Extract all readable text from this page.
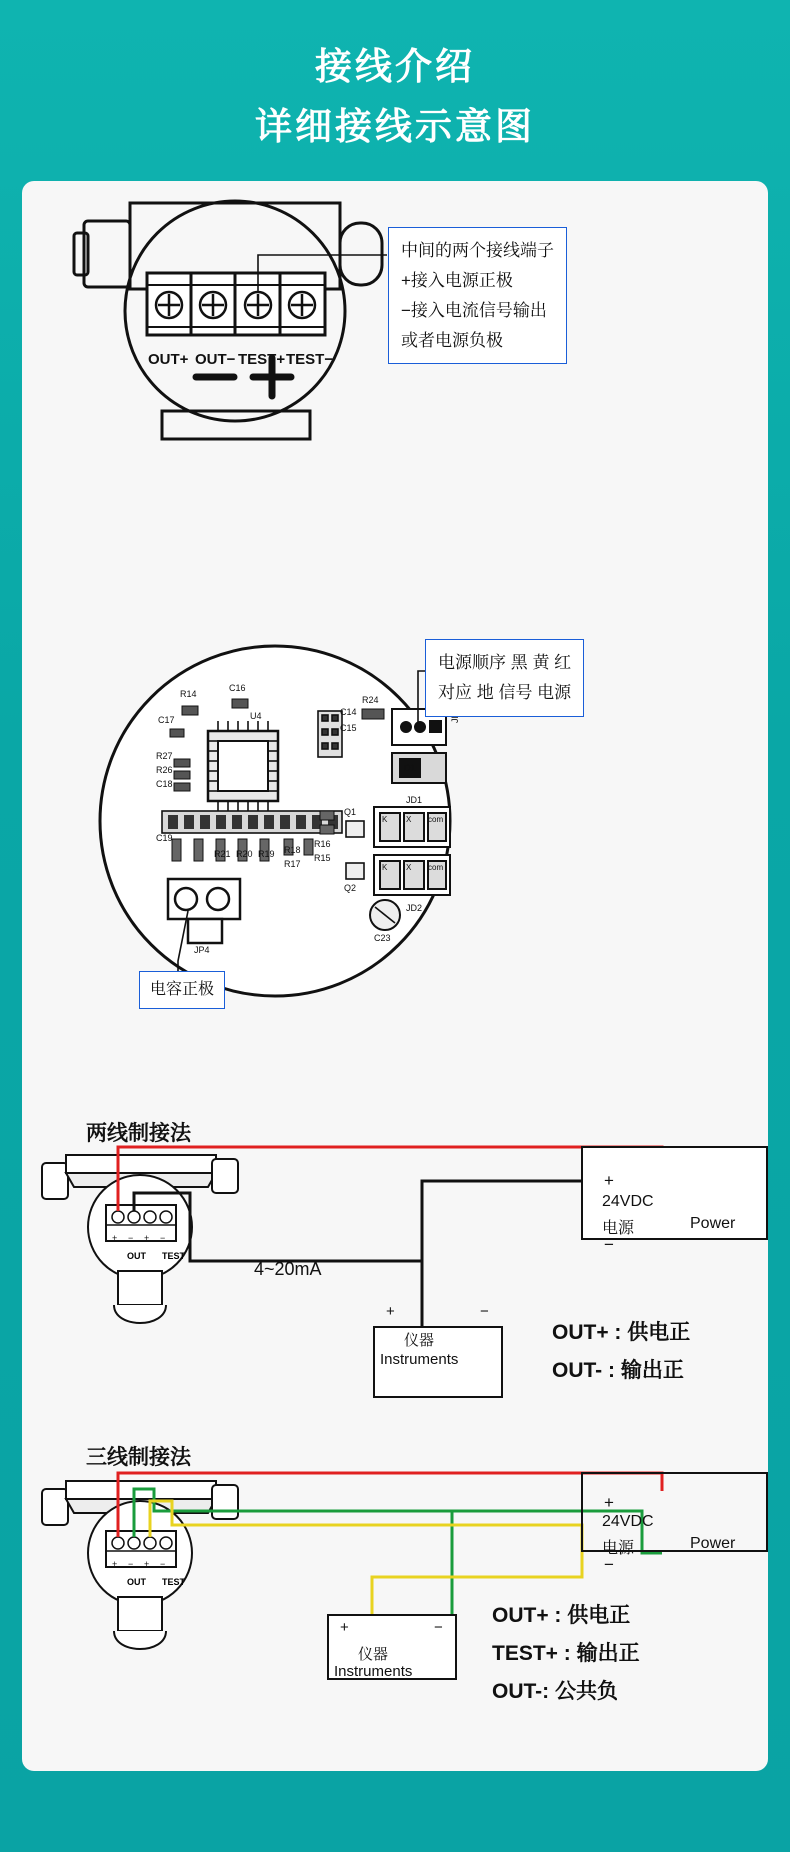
接线介绍
详细接线示意图
OUT+ OUT− TEST+ TEST−
中间的两个接线端子
+接入电源正极
−接入电流信号输出
或者电源负极
R14
C16
U4
C17
R27
R26
C18
C19
C14
C15
R24
D1
Q1
Q2
JD1
JD2
C23
JP4
R16
R15
R18
R17
R19
R20
R21
K X com
K X com
电源顺序 黑 黄 红
对应 地 信号 电源
电容正极
两线制接法
+ − + −
+
24VDC
电源	Power
−
4~20mA
+	−
仪器
Instruments
OUT TEST
OUT+ : 供电正
OUT- : 输出正
三线制接法
+ − + −
+
24VDC
电源	Power
−
+	−
仪器
Instruments
OUT TEST
OUT+ : 供电正
TEST+ : 输出正
OUT-: 公共负
